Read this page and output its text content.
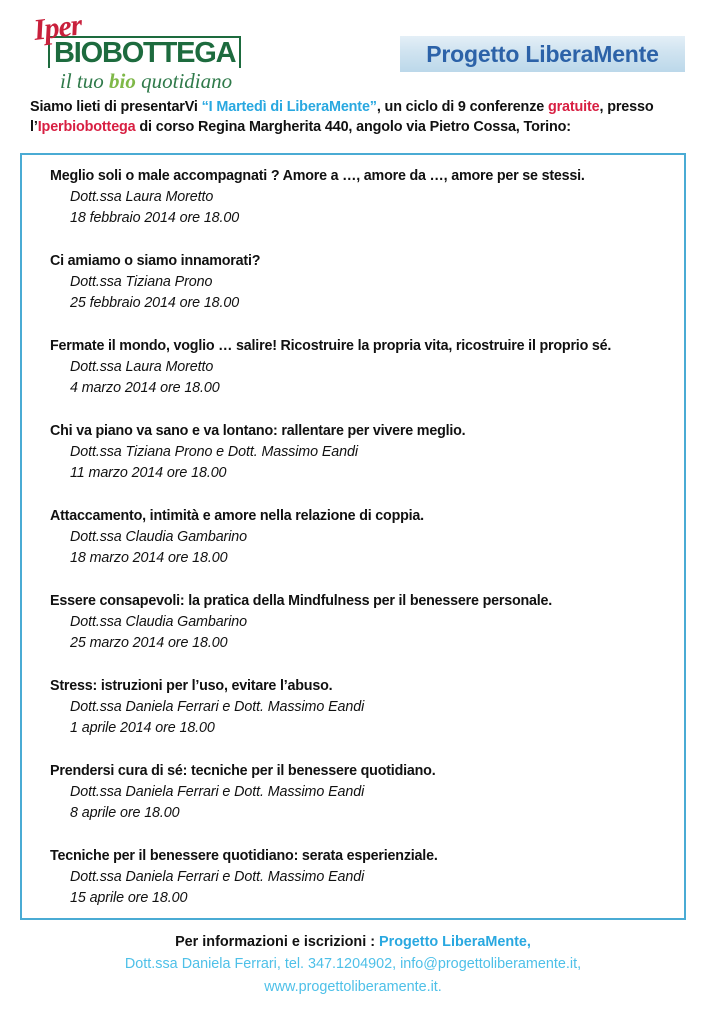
Iper
BIOBOTTEGA
il tuo bio quotidiano
Progetto LiberaMente
Siamo lieti di presentarVi “I Martedì di LiberaMente”, un ciclo di 9 conferenze gratuite, presso l’Iperbiobottega di corso Regina Margherita 440, angolo via Pietro Cossa, Torino:
Meglio soli o male accompagnati ? Amore a …, amore da …, amore per se stessi.
Dott.ssa Laura Moretto
18 febbraio 2014 ore 18.00
Ci amiamo o siamo innamorati?
Dott.ssa Tiziana Prono
25 febbraio 2014 ore 18.00
Fermate il mondo, voglio … salire! Ricostruire la propria vita, ricostruire il proprio sé.
Dott.ssa Laura Moretto
4 marzo 2014 ore 18.00
Chi va piano va sano e va lontano: rallentare per vivere meglio.
Dott.ssa Tiziana Prono e Dott. Massimo Eandi
11 marzo 2014 ore 18.00
Attaccamento, intimità e amore nella relazione di coppia.
Dott.ssa Claudia Gambarino
18 marzo 2014 ore 18.00
Essere consapevoli: la pratica della Mindfulness per il benessere personale.
Dott.ssa Claudia Gambarino
25 marzo 2014 ore 18.00
Stress: istruzioni per l’uso, evitare l’abuso.
Dott.ssa Daniela Ferrari e Dott. Massimo Eandi
1 aprile 2014 ore 18.00
Prendersi cura di sé: tecniche per il benessere quotidiano.
Dott.ssa Daniela Ferrari e Dott. Massimo Eandi
8 aprile ore 18.00
Tecniche per il benessere quotidiano: serata esperienziale.
Dott.ssa Daniela Ferrari e Dott. Massimo Eandi
15 aprile ore 18.00
Per informazioni e iscrizioni : Progetto LiberaMente,
Dott.ssa Daniela Ferrari, tel. 347.1204902, info@progettoliberamente.it,
www.progettoliberamente.it.
